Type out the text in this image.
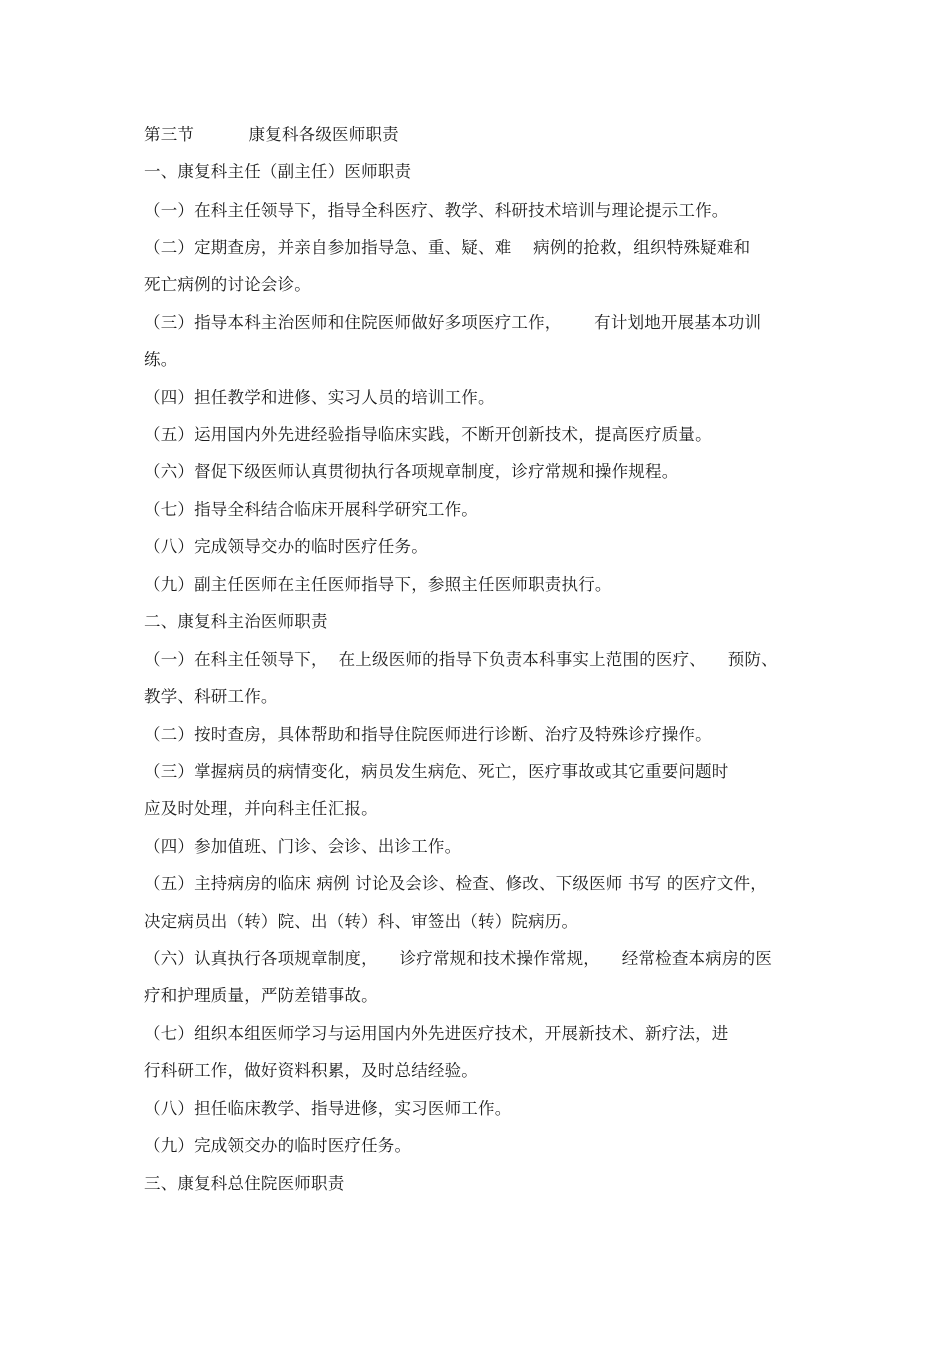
第三节          康复科各级医师职责
一、康复科主任（副主任）医师职责
（一）在科主任领导下，指导全科医疗、教学、科研技术培训与理论提示工作。
（二）定期查房，并亲自参加指导急、重、疑、难    病例的抢救，组织特殊疑难和
死亡病例的讨论会诊。
（三）指导本科主治医师和住院医师做好多项医疗工作，      有计划地开展基本功训
练。
（四）担任教学和进修、实习人员的培训工作。
（五）运用国内外先进经验指导临床实践，不断开创新技术，提高医疗质量。
（六）督促下级医师认真贯彻执行各项规章制度，诊疗常规和操作规程。
（七）指导全科结合临床开展科学研究工作。
（八）完成领导交办的临时医疗任务。
（九）副主任医师在主任医师指导下，参照主任医师职责执行。
二、康复科主治医师职责
（一）在科主任领导下，  在上级医师的指导下负责本科事实上范围的医疗、    预防、
教学、科研工作。
（二）按时查房，具体帮助和指导住院医师进行诊断、治疗及特殊诊疗操作。
（三）掌握病员的病情变化，病员发生病危、死亡，医疗事故或其它重要问题时
应及时处理，并向科主任汇报。
（四）参加值班、门诊、会诊、出诊工作。
（五）主持病房的临床 病例 讨论及会诊、检查、修改、下级医师 书写 的医疗文件，
决定病员出（转）院、出（转）科、审签出（转）院病历。
（六）认真执行各项规章制度，    诊疗常规和技术操作常规，    经常检查本病房的医
疗和护理质量，严防差错事故。
（七）组织本组医师学习与运用国内外先进医疗技术，开展新技术、新疗法，进
行科研工作，做好资料积累，及时总结经验。
（八）担任临床教学、指导进修，实习医师工作。
（九）完成领交办的临时医疗任务。
三、康复科总住院医师职责
